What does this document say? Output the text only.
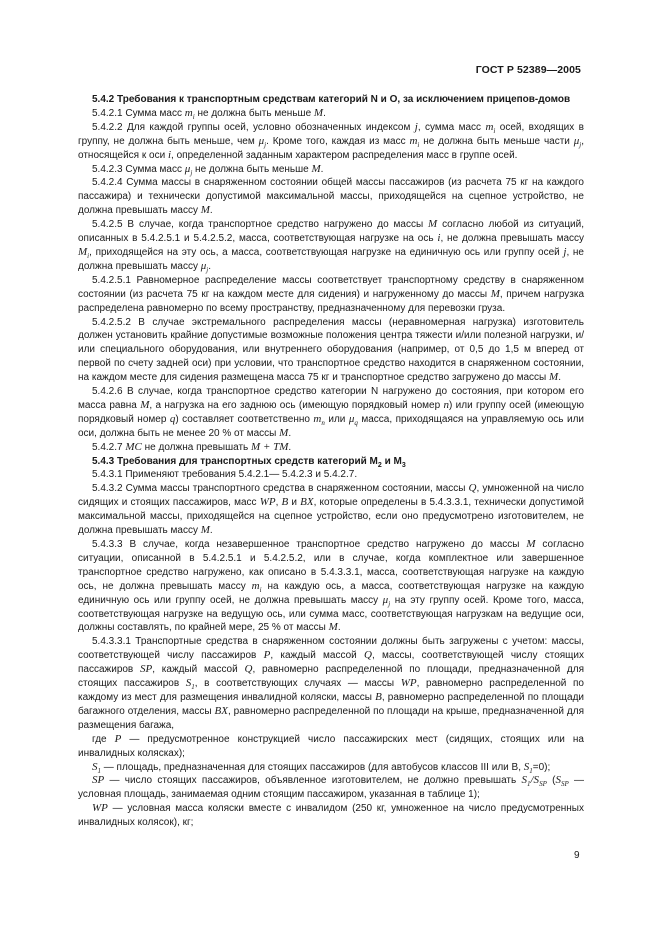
ГОСТ Р 52389—2005

5.4.2 Требования к транспортным средствам категорий N и O, за исключением прицепов-домов

5.4.2.1 Сумма масс $m_i$ не должна быть меньше M.

5.4.2.2 Для каждой группы осей, условно обозначенных индексом j, сумма масс $m_i$ осей, входящих в группу, не должна быть меньше, чем $\mu_j$. Кроме того, каждая из масс $m_i$ не должна быть меньше части $\mu_j$, относящейся к оси i, определенной заданным характером распределения масс в группе осей.

5.4.2.3 Сумма масс $\mu_j$ не должна быть меньше M.

5.4.2.4 Сумма массы в снаряженном состоянии общей массы пассажиров (из расчета 75 кг на каждого пассажира) и технически допустимой максимальной массы, приходящейся на сцепное устройство, не должна превышать массу M.

5.4.2.5 В случае, когда транспортное средство нагружено до массы M согласно любой из ситуаций, описанных в 5.4.2.5.1 и 5.4.2.5.2, масса, соответствующая нагрузке на ось i, не должна превышать массу $M_i$, приходящейся на эту ось, а масса, соответствующая нагрузке на единичную ось или группу осей j, не должна превышать массу $\mu_j$.

5.4.2.5.1 Равномерное распределение массы соответствует транспортному средству в снаряженном состоянии (из расчета 75 кг на каждом месте для сидения) и нагруженному до массы M, причем нагрузка распределена равномерно по всему пространству, предназначенному для перевозки груза.

5.4.2.5.2 В случае экстремального распределения массы (неравномерная нагрузка) изготовитель должен установить крайние допустимые возможные положения центра тяжести и/или полезной нагрузки, и/или специального оборудования, или внутреннего оборудования (например, от 0,5 до 1,5 м вперед от первой по счету задней оси) при условии, что транспортное средство находится в снаряженном состоянии, на каждом месте для сидения размещена масса 75 кг и транспортное средство загружено до массы M.

5.4.2.6 В случае, когда транспортное средство категории N нагружено до состояния, при котором его масса равна M, а нагрузка на его заднюю ось (имеющую порядковый номер n) или группу осей (имеющую порядковый номер q) составляет соответственно $m_n$ или $\mu_q$ масса, приходящаяся на управляемую ось или оси, должна быть не менее 20 % от массы M.

5.4.2.7 MC не должна превышать M + TM.

5.4.3 Требования для транспортных средств категорий $M_2$ и $M_3$

5.4.3.1 Применяют требования 5.4.2.1— 5.4.2.3 и 5.4.2.7.

5.4.3.2 Сумма массы транспортного средства в снаряженном состоянии, массы Q, умноженной на число сидящих и стоящих пассажиров, масс WP, B и BX, которые определены в 5.4.3.3.1, технически допустимой максимальной массы, приходящейся на сцепное устройство, если оно предусмотрено изготовителем, не должна превышать массу M.

5.4.3.3 В случае, когда незавершенное транспортное средство нагружено до массы M согласно ситуации, описанной в 5.4.2.5.1 и 5.4.2.5.2, или в случае, когда комплектное или завершенное транспортное средство нагружено, как описано в 5.4.3.3.1, масса, соответствующая нагрузке на каждую ось, не должна превышать массу $m_i$ на каждую ось, а масса, соответствующая нагрузке на каждую единичную ось или группу осей, не должна превышать массу $\mu_j$ на эту группу осей. Кроме того, масса, соответствующая нагрузке на ведущую ось, или сумма масс, соответствующая нагрузкам на ведущие оси, должны составлять, по крайней мере, 25 % от массы M.

5.4.3.3.1 Транспортные средства в снаряженном состоянии должны быть загружены с учетом: массы, соответствующей числу пассажиров P, каждый массой Q, массы, соответствующей числу стоящих пассажиров SP, каждый массой Q, равномерно распределенной по площади, предназначенной для стоящих пассажиров $S_1$, в соответствующих случаях — массы WP, равномерно распределенной по каждому из мест для размещения инвалидной коляски, массы B, равномерно распределенной по площади багажного отделения, массы BX, равномерно распределенной по площади на крыше, предназначенной для размещения багажа,

где P — предусмотренное конструкцией число пассажирских мест (сидящих, стоящих или на инвалидных колясках);

$S_1$ — площадь, предназначенная для стоящих пассажиров (для автобусов классов III или B, $S_1=0$);

SP — число стоящих пассажиров, объявленное изготовителем, не должно превышать $S_1/S_{SP}$ ($S_{SP}$ — условная площадь, занимаемая одним стоящим пассажиром, указанная в таблице 1);

WP — условная масса коляски вместе с инвалидом (250 кг, умноженное на число предусмотренных инвалидных колясок), кг;

9
